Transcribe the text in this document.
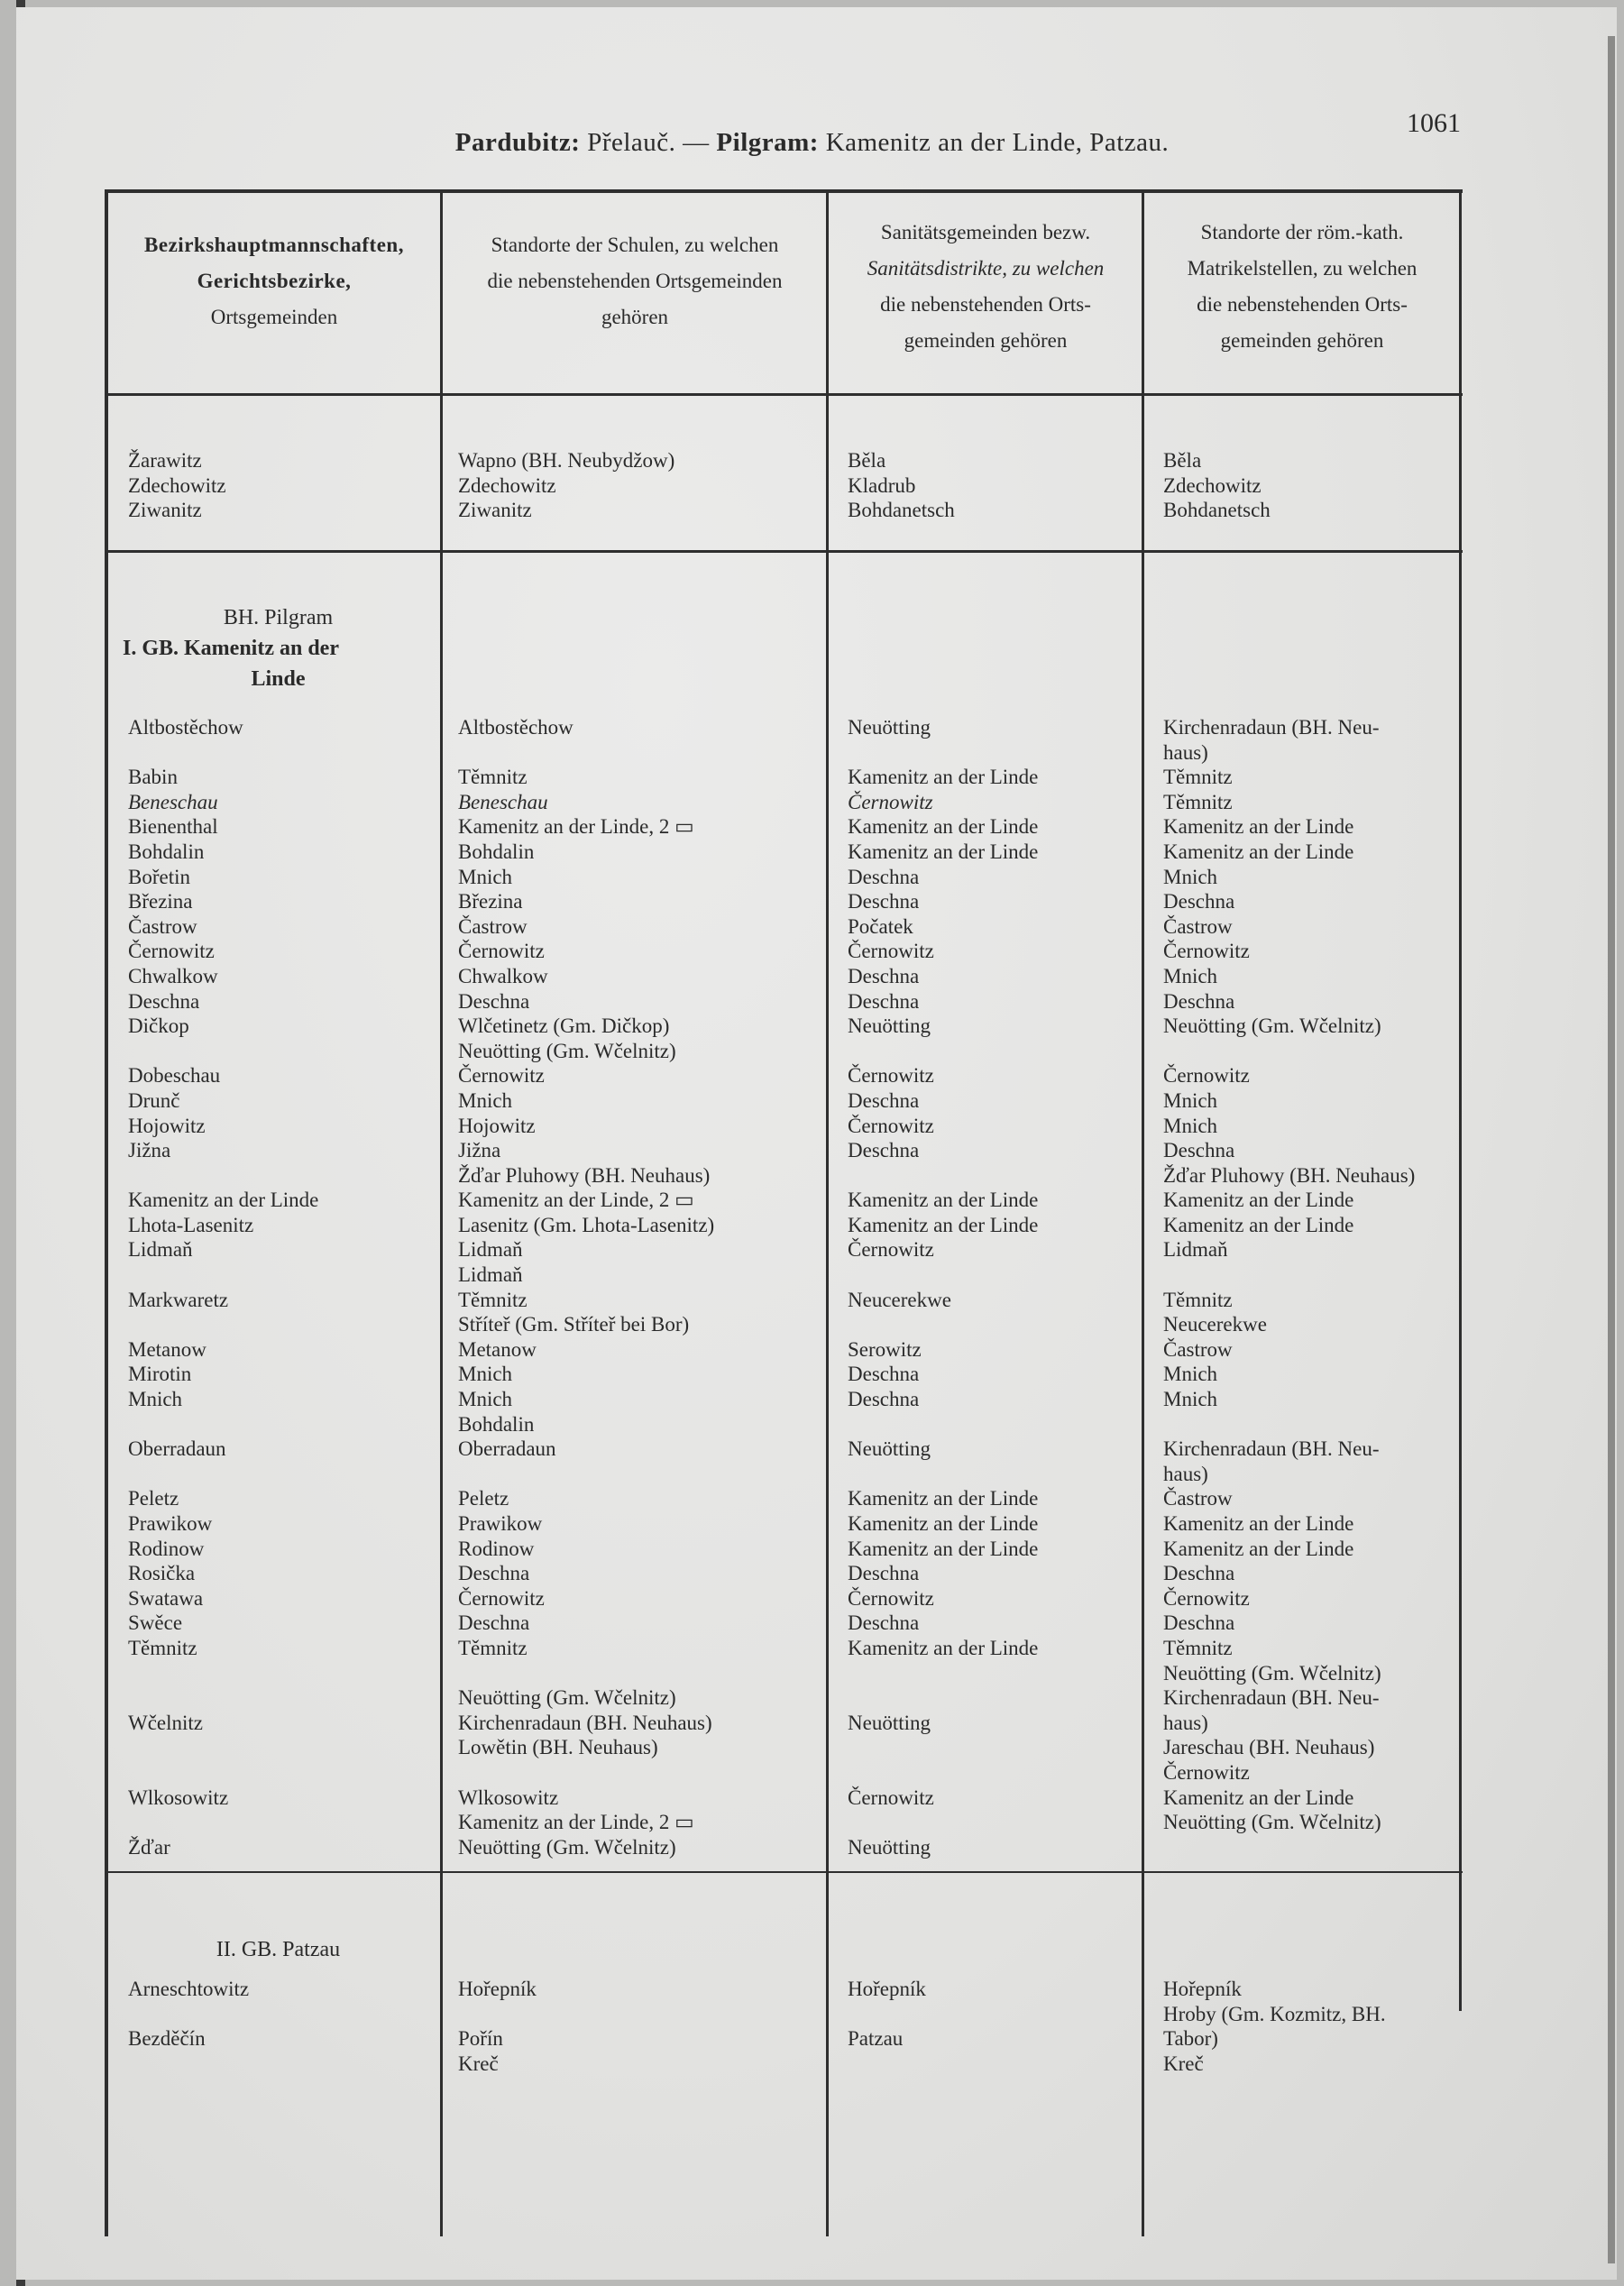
Pardubitz: Přelauč. — Pilgram: Kamenitz an der Linde, Patzau.
1061
Bezirkshauptmannschaften,
Gerichtsbezirke,
Ortsgemeinden
Standorte der Schulen, zu welchen
die nebenstehenden Ortsgemeinden
gehören
Sanitätsgemeinden bezw.
Sanitätsdistrikte, zu welchen
die nebenstehenden Orts-
gemeinden gehören
Standorte der röm.-kath.
Matrikelstellen, zu welchen
die nebenstehenden Orts-
gemeinden gehören
Žarawitz
Zdechowitz
Ziwanitz
Wapno (BH. Neubydžow)
Zdechowitz
Ziwanitz
Běla
Kladrub
Bohdanetsch
Běla
Zdechowitz
Bohdanetsch
BH. Pilgram
I. GB. Kamenitz an der
Linde
Altbostěchow
Babin
Beneschau
Bienenthal
Bohdalin
Bořetin
Březina
Častrow
Černowitz
Chwalkow
Deschna
Dičkop
Dobeschau
Drunč
Hojowitz
Jižna
Kamenitz an der Linde
Lhota-Lasenitz
Lidmaň
Markwaretz
Metanow
Mirotin
Mnich
Oberradaun
Peletz
Prawikow
Rodinow
Rosička
Swatawa
Swěce
Těmnitz
Wčelnitz
Wlkosowitz
Žďar
Altbostěchow
Těmnitz
Beneschau
Kamenitz an der Linde, 2 ▭
Bohdalin
Mnich
Březina
Častrow
Černowitz
Chwalkow
Deschna
Wlčetinetz (Gm. Dičkop)
Neuötting (Gm. Wčelnitz)
Černowitz
Mnich
Hojowitz
Jižna
Žďar Pluhowy (BH. Neuhaus)
Kamenitz an der Linde, 2 ▭
Lasenitz (Gm. Lhota-Lasenitz)
Lidmaň
Lidmaň
Těmnitz
Stříteř (Gm. Stříteř bei Bor)
Metanow
Mnich
Mnich
Bohdalin
Oberradaun
Peletz
Prawikow
Rodinow
Deschna
Černowitz
Deschna
Těmnitz
Neuötting (Gm. Wčelnitz)
Kirchenradaun (BH. Neuhaus)
Lowětin (BH. Neuhaus)
Wlkosowitz
Kamenitz an der Linde, 2 ▭
Neuötting (Gm. Wčelnitz)
Neuötting
Kamenitz an der Linde
Černowitz
Kamenitz an der Linde
Kamenitz an der Linde
Deschna
Deschna
Počatek
Černowitz
Deschna
Deschna
Neuötting
Černowitz
Deschna
Černowitz
Deschna
Kamenitz an der Linde
Kamenitz an der Linde
Černowitz
Neucerekwe
Serowitz
Deschna
Deschna
Neuötting
Kamenitz an der Linde
Kamenitz an der Linde
Kamenitz an der Linde
Deschna
Černowitz
Deschna
Kamenitz an der Linde
Neuötting
Černowitz
Neuötting
Kirchenradaun (BH. Neu-
haus)
Těmnitz
Těmnitz
Kamenitz an der Linde
Kamenitz an der Linde
Mnich
Deschna
Častrow
Černowitz
Mnich
Deschna
Neuötting (Gm. Wčelnitz)
Černowitz
Mnich
Mnich
Deschna
Žďar Pluhowy (BH. Neuhaus)
Kamenitz an der Linde
Kamenitz an der Linde
Lidmaň
Těmnitz
Neucerekwe
Častrow
Mnich
Mnich
Kirchenradaun (BH. Neu-
haus)
Častrow
Kamenitz an der Linde
Kamenitz an der Linde
Deschna
Černowitz
Deschna
Těmnitz
Neuötting (Gm. Wčelnitz)
Kirchenradaun (BH. Neu-
haus)
Jareschau (BH. Neuhaus)
Černowitz
Kamenitz an der Linde
Neuötting (Gm. Wčelnitz)
II. GB. Patzau
Arneschtowitz
Bezděčín
Hořepník
Pořín
Kreč
Hořepník
Patzau
Hořepník
Hroby (Gm. Kozmitz, BH.
Tabor)
Kreč
